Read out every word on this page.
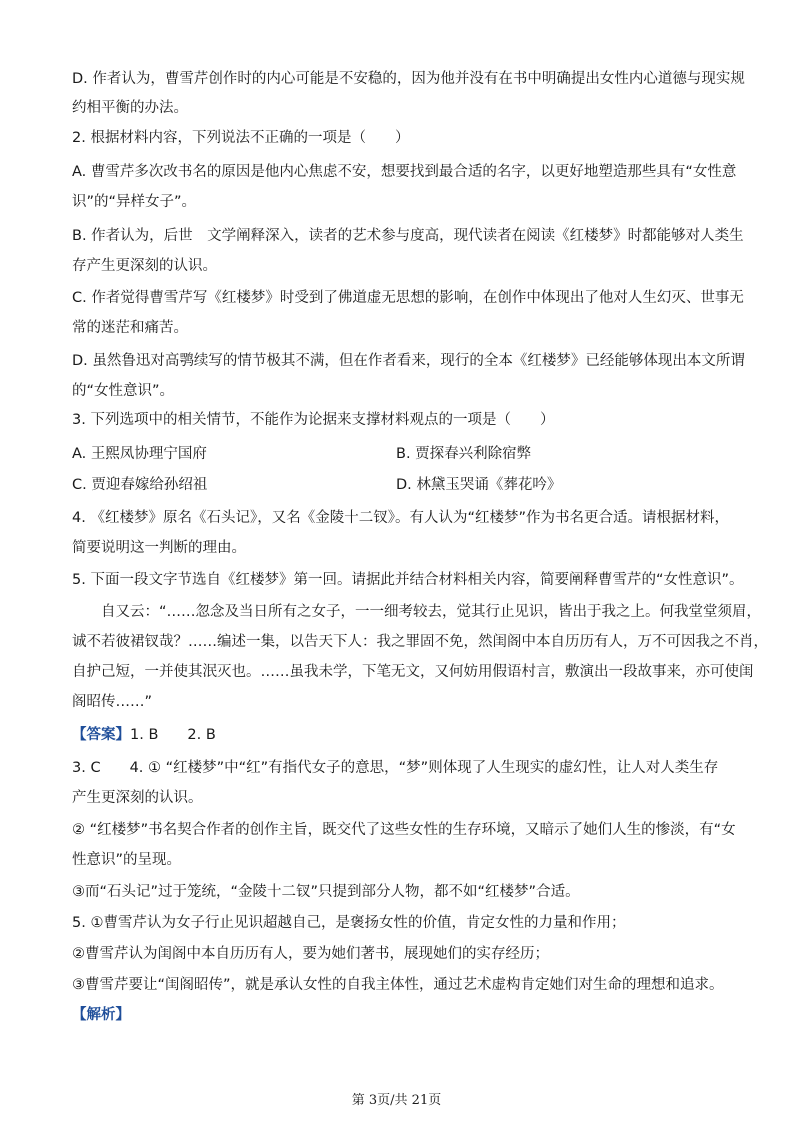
D. 作者认为，曹雪芹创作时的内心可能是不安稳的，因为他并没有在书中明确提出女性内心道德与现实规
约相平衡的办法。
2. 根据材料内容，下列说法不正确的一项是（　　）
A. 曹雪芹多次改书名的原因是他内心焦虑不安，想要找到最合适的名字，以更好地塑造那些具有“女性意
识”的“异样女子”。
B. 作者认为，后世　文学阐释深入，读者的艺术参与度高，现代读者在阅读《红楼梦》时都能够对人类生
存产生更深刻的认识。
C. 作者觉得曹雪芹写《红楼梦》时受到了佛道虚无思想的影响，在创作中体现出了他对人生幻灭、世事无
常的迷茫和痛苦。
D. 虽然鲁迅对高鹗续写的情节极其不满，但在作者看来，现行的全本《红楼梦》已经能够体现出本文所谓
的“女性意识”。
3. 下列选项中的相关情节，不能作为论据来支撑材料观点的一项是（　　）
A. 王熙凤协理宁国府	B. 贾探春兴利除宿弊
C. 贾迎春嫁给孙绍祖	D. 林黛玉哭诵《葬花吟》
4. 《红楼梦》原名《石头记》，又名《金陵十二钗》。有人认为“红楼梦”作为书名更合适。请根据材料，
简要说明这一判断的理由。
5. 下面一段文字节选自《红楼梦》第一回。请据此并结合材料相关内容，简要阐释曹雪芹的“女性意识”。
自又云：“……忽念及当日所有之女子，一一细考较去，觉其行止见识，皆出于我之上。何我堂堂须眉，
诚不若彼裙钗哉？……编述一集，以告天下人：我之罪固不免，然闺阁中本自历历有人，万不可因我之不肖，
自护己短，一并使其泯灭也。……虽我未学，下笔无文，又何妨用假语村言，敷演出一段故事来，亦可使闺
阁昭传……”
【答案】1. B　　2. B
3. C　　4. ① “红楼梦”中“红”有指代女子的意思，“梦”则体现了人生现实的虚幻性，让人对人类生存
产生更深刻的认识。
② “红楼梦”书名契合作者的创作主旨，既交代了这些女性的生存环境，又暗示了她们人生的惨淡，有“女
性意识”的呈现。
③而“石头记”过于笼统，“金陵十二钗”只提到部分人物，都不如“红楼梦”合适。
5. ①曹雪芹认为女子行止见识超越自己，是褒扬女性的价值，肯定女性的力量和作用；
②曹雪芹认为闺阁中本自历历有人，要为她们著书，展现她们的实存经历；
③曹雪芹要让“闺阁昭传”，就是承认女性的自我主体性，通过艺术虚构肯定她们对生命的理想和追求。
【解析】
第 3页/共 21页
